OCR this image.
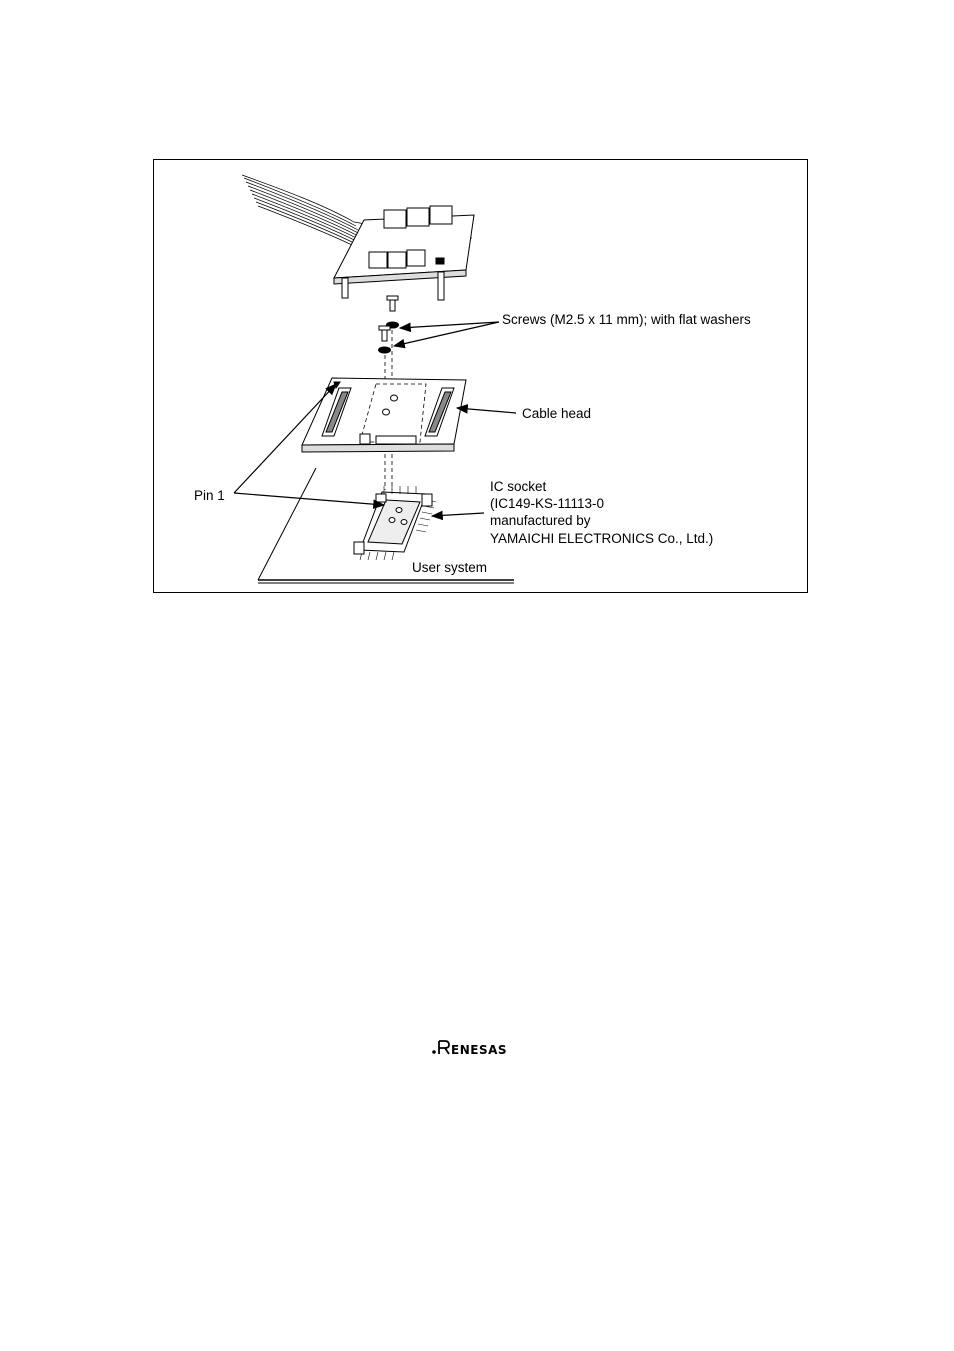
Screws (M2.5 x 11 mm); with flat washers
Cable head
Pin 1
IC socket
(IC149-KS-11113-0
manufactured by
YAMAICHI ELECTRONICS Co., Ltd.)
User system
ENESAS
